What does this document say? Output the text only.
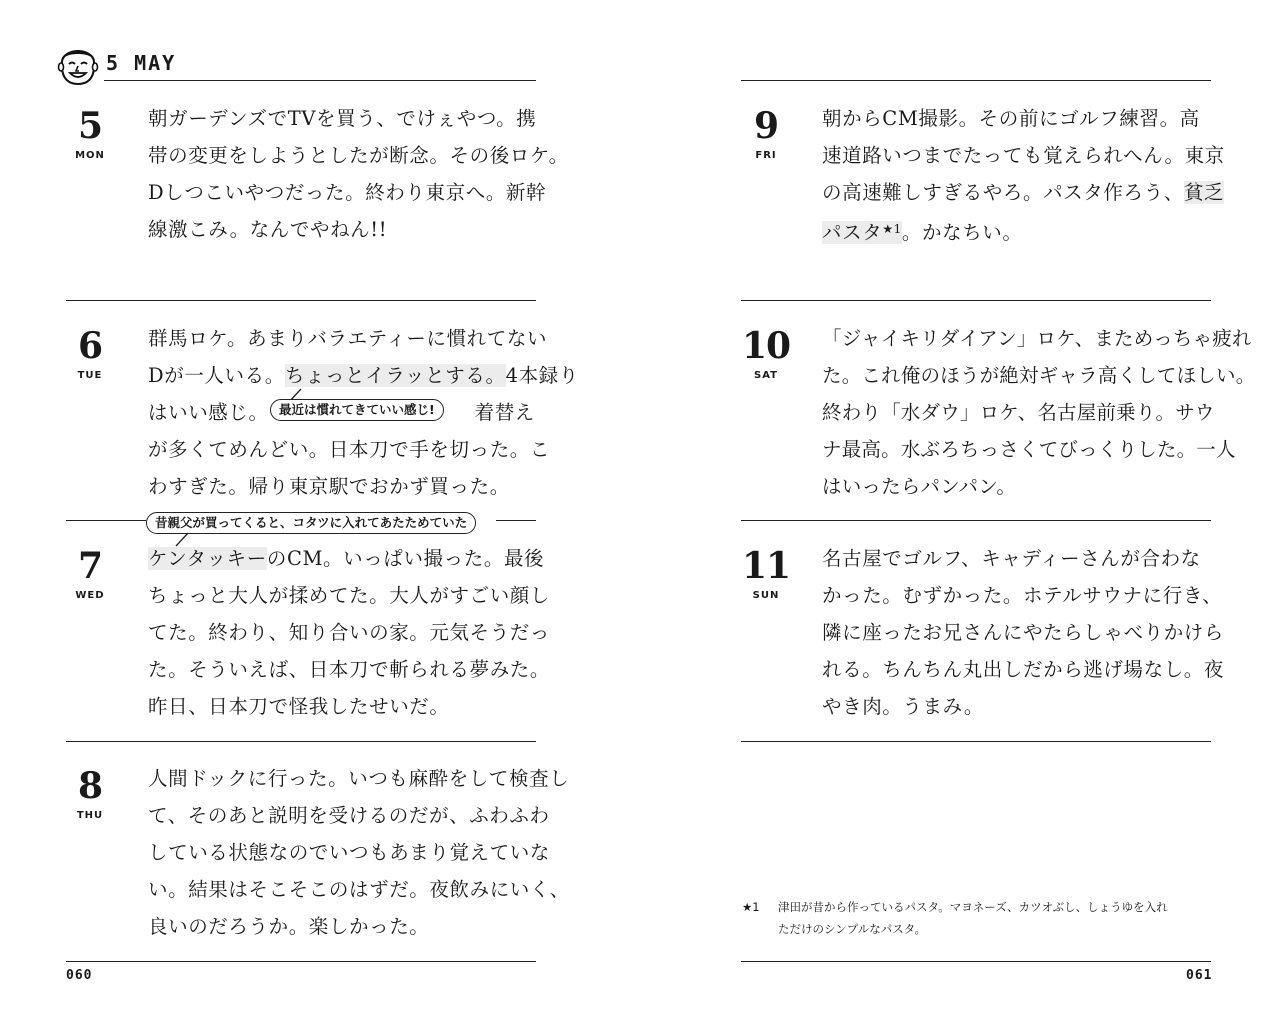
5 MAY
5
MON
朝ガーデンズでTVを買う、でけぇやつ。携
帯の変更をしようとしたが断念。その後ロケ。
Dしつこいやつだった。終わり東京へ。新幹
線激こみ。なんでやねん!!
6
TUE
群馬ロケ。あまりバラエティーに慣れてない
Dが一人いる。ちょっとイラッとする。4本録り
はいい感じ。	着替え
が多くてめんどい。日本刀で手を切った。こ
わすぎた。帰り東京駅でおかず買った。
最近は慣れてきていい感じ!
昔親父が買ってくると、コタツに入れてあたためていた
7
WED
ケンタッキーのCM。いっぱい撮った。最後
ちょっと大人が揉めてた。大人がすごい顔し
てた。終わり、知り合いの家。元気そうだっ
た。そういえば、日本刀で斬られる夢みた。
昨日、日本刀で怪我したせいだ。
8
THU
人間ドックに行った。いつも麻酔をして検査し
て、そのあと説明を受けるのだが、ふわふわ
している状態なのでいつもあまり覚えていな
い。結果はそこそこのはずだ。夜飲みにいく、
良いのだろうか。楽しかった。
060
9
FRI
朝からCM撮影。その前にゴルフ練習。高
速道路いつまでたっても覚えられへん。東京
の高速難しすぎるやろ。パスタ作ろう、貧乏
パスタ$^{★1}$。かなちい。
10
SAT
「ジャイキリダイアン」ロケ、まためっちゃ疲れ
た。これ俺のほうが絶対ギャラ高くしてほしい。
終わり「水ダウ」ロケ、名古屋前乗り。サウ
ナ最高。水ぶろちっさくてびっくりした。一人
はいったらパンパン。
11
SUN
名古屋でゴルフ、キャディーさんが合わな
かった。むずかった。ホテルサウナに行き、
隣に座ったお兄さんにやたらしゃべりかけら
れる。ちんちん丸出しだから逃げ場なし。夜
やき肉。うまみ。
★1 津田が昔から作っているパスタ。マヨネーズ、カツオぶし、しょうゆを入れ
ただけのシンプルなパスタ。
061
